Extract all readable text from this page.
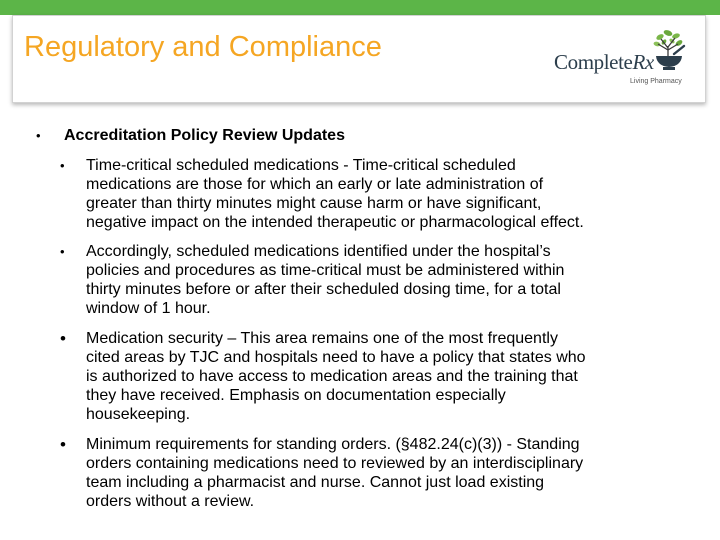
Regulatory and Compliance	CompleteRx
Living Pharmacy
• Accreditation Policy Review Updates
• Time-critical scheduled medications - Time-critical scheduled
medications are those for which an early or late administration of
greater than thirty minutes might cause harm or have significant,
negative impact on the intended therapeutic or pharmacological effect.

• Accordingly, scheduled medications identified under the hospital’s
policies and procedures as time-critical must be administered within
thirty minutes before or after their scheduled dosing time, for a total
window of 1 hour.

• Medication security – This area remains one of the most frequently
cited areas by TJC and hospitals need to have a policy that states who
is authorized to have access to medication areas and the training that
they have received. Emphasis on documentation especially
housekeeping.

• Minimum requirements for standing orders. (§482.24(c)(3)) - Standing
orders containing medications need to reviewed by an interdisciplinary
team including a pharmacist and nurse. Cannot just load existing
orders without a review.
